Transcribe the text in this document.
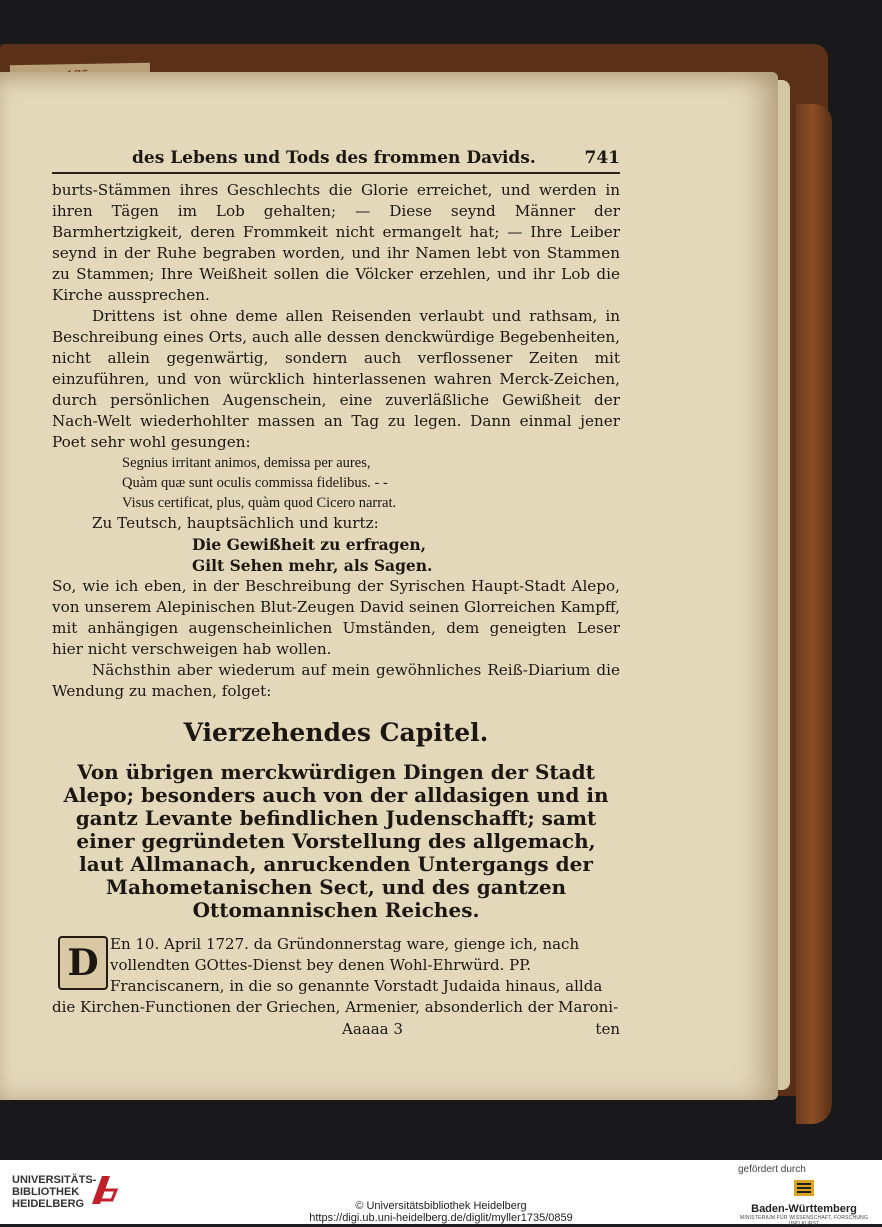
des Lebens und Tods des frommen Davids.	741

burts-Stämmen ihres Geschlechts die Glorie erreichet, und werden in ihren Tägen im Lob gehalten; — Diese seynd Männer der Barmhertzigkeit, deren Frommkeit nicht ermangelt hat; — Ihre Leiber seynd in der Ruhe begraben worden, und ihr Namen lebt von Stammen zu Stammen; Ihre Weißheit sollen die Völcker erzehlen, und ihr Lob die Kirche aussprechen.

Drittens ist ohne deme allen Reisenden verlaubt und rathsam, in Beschreibung eines Orts, auch alle dessen denckwürdige Begebenheiten, nicht allein gegenwärtig, sondern auch verflossener Zeiten mit einzuführen, und von würcklich hinterlassenen wahren Merck-Zeichen, durch persönlichen Augenschein, eine zuverläßliche Gewißheit der Nach-Welt wiederhohlter massen an Tag zu legen. Dann einmal jener Poet sehr wohl gesungen:

Segnius irritant animos, demissa per aures,

Quàm quæ sunt oculis commissa fidelibus. - -

Visus certificat, plus, quàm quod Cicero narrat.

Zu Teutsch, hauptsächlich und kurtz:

Die Gewißheit zu erfragen,

Gilt Sehen mehr, als Sagen.

So, wie ich eben, in der Beschreibung der Syrischen Haupt-Stadt Alepo, von unserem Alepinischen Blut-Zeugen David seinen Glorreichen Kampff, mit anhängigen augenscheinlichen Umständen, dem geneigten Leser hier nicht verschweigen hab wollen.

Nächsthin aber wiederum auf mein gewöhnliches Reiß-Diarium die Wendung zu machen, folget:

Vierzehendes Capitel.
Von übrigen merckwürdigen Dingen der Stadt Alepo; besonders auch von der alldasigen und in gantz Levante befindlichen Judenschafft; samt einer gegründeten Vorstellung des allgemach, laut Allmanach, anruckenden Untergangs der Mahometanischen Sect, und des gantzen Ottomannischen Reiches.
D En 10. April 1727. da Gründonnerstag ware, gienge ich, nach vollendten GOttes-Dienst bey denen Wohl-Ehrwürd. PP. Franciscanern, in die so genannte Vorstadt Judaida hinaus, allda

die Kirchen-Functionen der Griechen, Armenier, absonderlich der Maroni-

Aaaaa 3	ten
UNIVERSITÄTS-
BIBLIOTHEK
HEIDELBERG	© Universitätsbibliothek Heidelberg
https://digi.ub.uni-heidelberg.de/diglit/myller1735/0859
gefördert durch
Baden-Württemberg
MINISTERIUM FÜR WISSENSCHAFT, FORSCHUNG UND KUNST
